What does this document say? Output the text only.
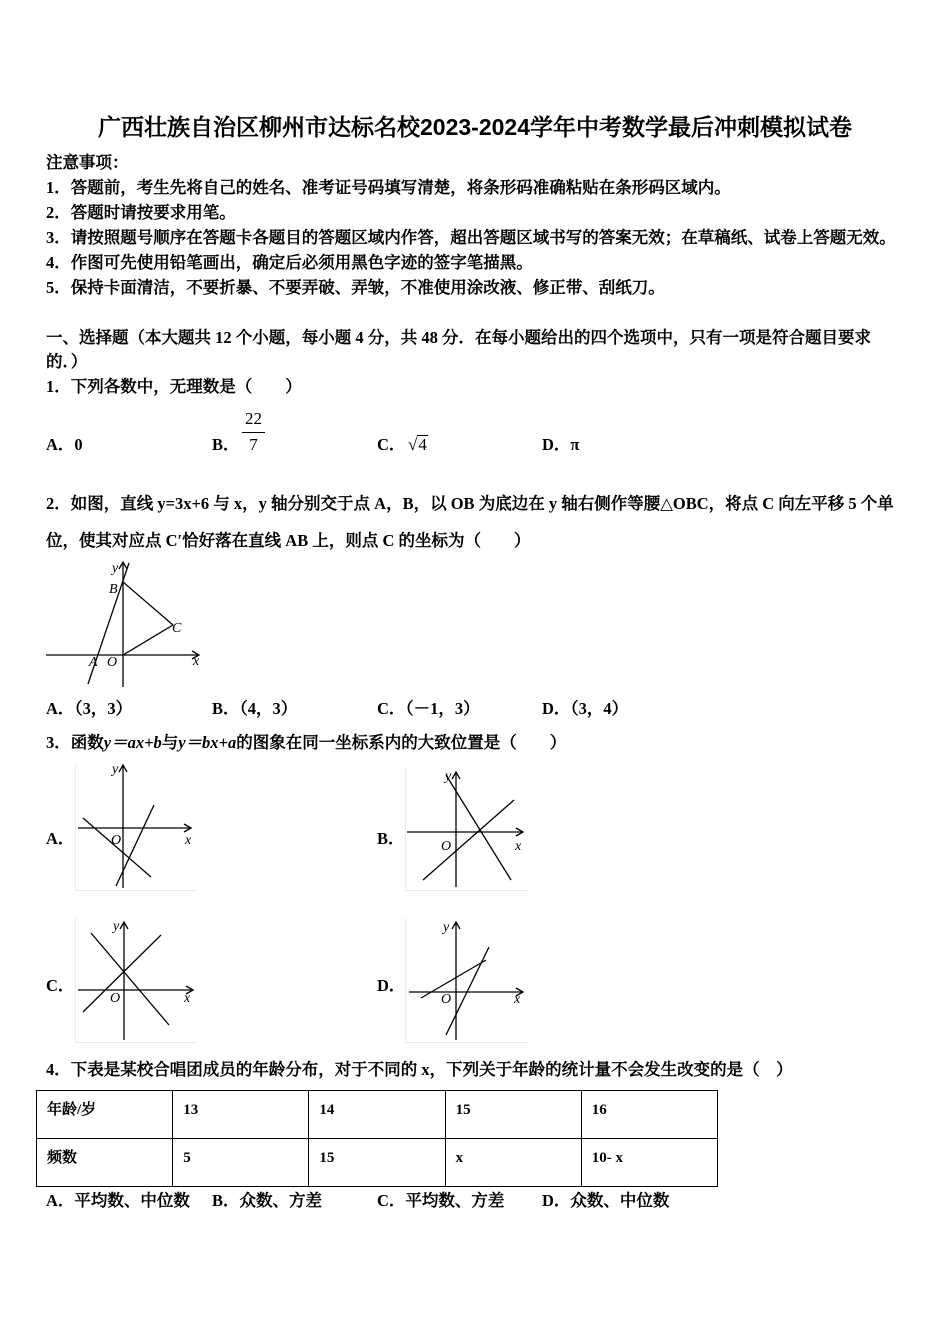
广西壮族自治区柳州市达标名校2023-2024学年中考数学最后冲刺模拟试卷
注意事项：
1．答题前，考生先将自己的姓名、准考证号码填写清楚，将条形码准确粘贴在条形码区域内。
2．答题时请按要求用笔。
3．请按照题号顺序在答题卡各题目的答题区域内作答，超出答题区域书写的答案无效；在草稿纸、试卷上答题无效。
4．作图可先使用铅笔画出，确定后必须用黑色字迹的签字笔描黑。
5．保持卡面清洁，不要折暴、不要弄破、弄皱，不准使用涂改液、修正带、刮纸刀。
一、选择题（本大题共 12 个小题，每小题 4 分，共 48 分．在每小题给出的四个选项中，只有一项是符合题目要求
的．）
1．下列各数中，无理数是（　　）
A．0	B．
22
7	C． √4	D．π
2．如图，直线 y=3x+6 与 x，y 轴分别交于点 A，B，以 OB 为底边在 y 轴右侧作等腰△OBC，将点 C 向左平移 5 个单
位，使其对应点 C′恰好落在直线 AB 上，则点 C 的坐标为（　　）
y
B
C
A O	x
A．（3，3）	B．（4，3）	C．（－1，3）	D．（3，4）
3．函数y＝ax+b与y＝bx+a的图象在同一坐标系内的大致位置是（　　）
A．
y
O	x	B．
y
O	x
C．
y
O	x
D．
y
O	x
4．下表是某校合唱团成员的年龄分布，对于不同的 x，下列关于年龄的统计量不会发生改变的是（　）
年龄/岁	13	14	15	16
频数	5	15	x	10- x
A．平均数、中位数 B．众数、方差	C．平均数、方差 D．众数、中位数
